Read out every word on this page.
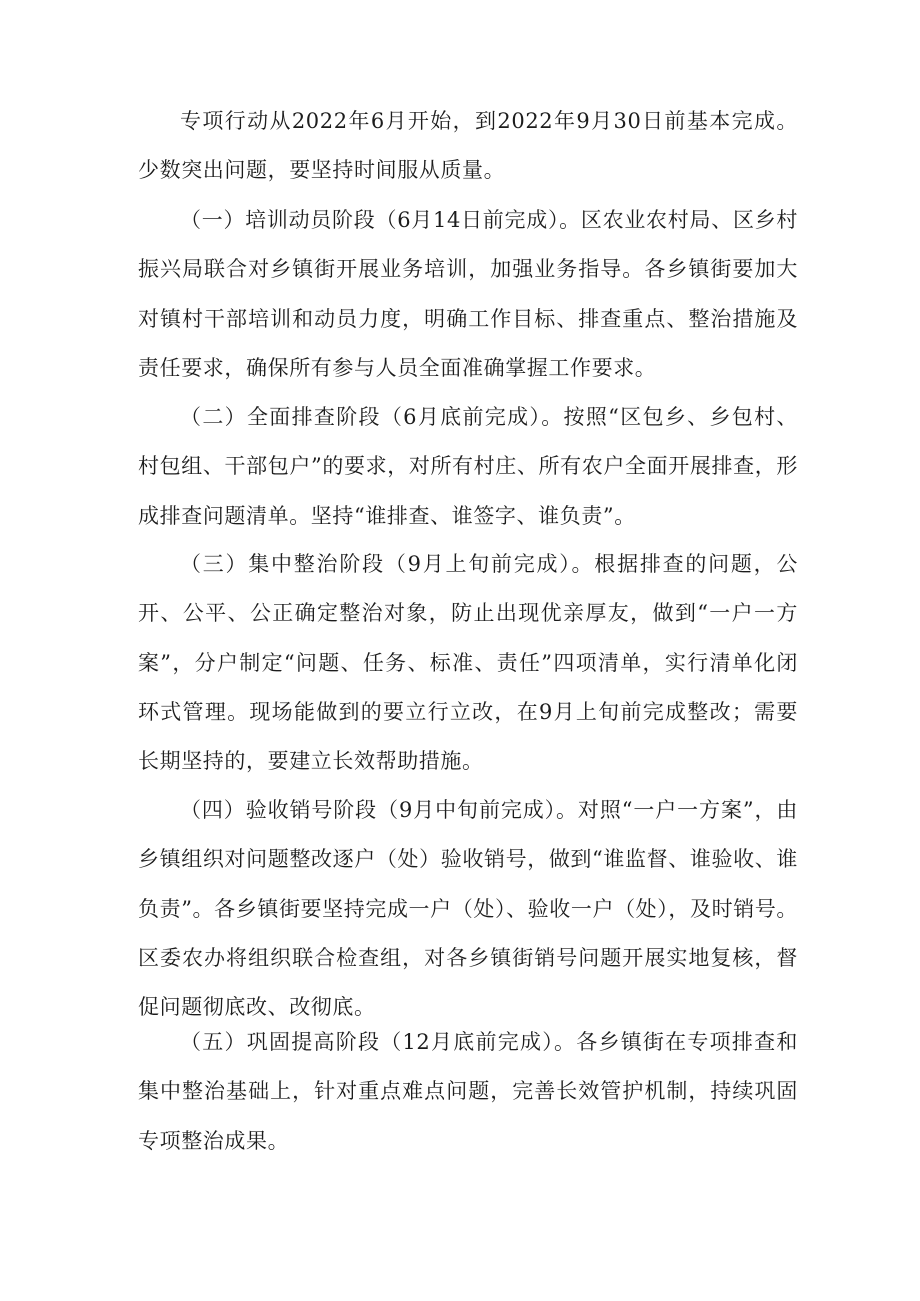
专项行动从2022年6月开始，到2022年9月30日前基本完成。少数突出问题，要坚持时间服从质量。

（一）培训动员阶段（6月14日前完成）。区农业农村局、区乡村振兴局联合对乡镇街开展业务培训，加强业务指导。各乡镇街要加大对镇村干部培训和动员力度，明确工作目标、排查重点、整治措施及责任要求，确保所有参与人员全面准确掌握工作要求。

（二）全面排查阶段（6月底前完成）。按照“区包乡、乡包村、村包组、干部包户”的要求，对所有村庄、所有农户全面开展排查，形成排查问题清单。坚持“谁排查、谁签字、谁负责”。

（三）集中整治阶段（9月上旬前完成）。根据排查的问题，公开、公平、公正确定整治对象，防止出现优亲厚友，做到“一户一方案”，分户制定“问题、任务、标准、责任”四项清单，实行清单化闭环式管理。现场能做到的要立行立改，在9月上旬前完成整改；需要长期坚持的，要建立长效帮助措施。

（四）验收销号阶段（9月中旬前完成）。对照“一户一方案”，由乡镇组织对问题整改逐户（处）验收销号，做到“谁监督、谁验收、谁负责”。各乡镇街要坚持完成一户（处）、验收一户（处），及时销号。区委农办将组织联合检查组，对各乡镇街销号问题开展实地复核，督促问题彻底改、改彻底。

（五）巩固提高阶段（12月底前完成）。各乡镇街在专项排查和集中整治基础上，针对重点难点问题，完善长效管护机制，持续巩固专项整治成果。
